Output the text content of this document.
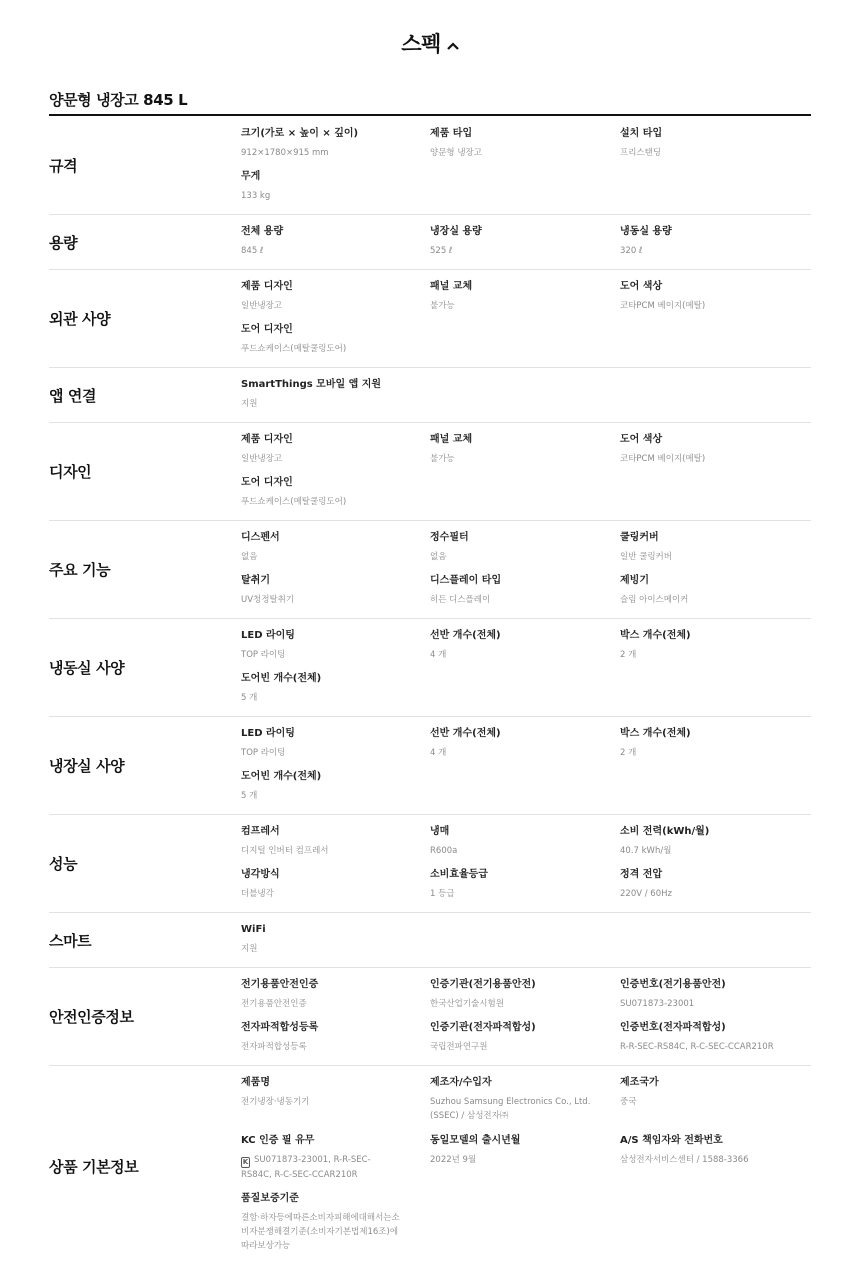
스펙
양문형 냉장고 845 L
규격
크기(가로 × 높이 × 깊이)
912×1780×915 mm
제품 타입
양문형 냉장고
설치 타입
프리스탠딩
무게
133 kg
용량
전체 용량
845 ℓ
냉장실 용량
525 ℓ
냉동실 용량
320 ℓ
외관 사양
제품 디자인
일반냉장고
패널 교체
불가능
도어 색상
코타PCM 베이지(메탈)
도어 디자인
푸드쇼케이스(메탈쿨링도어)
앱 연결
SmartThings 모바일 앱 지원
지원
디자인
제품 디자인
일반냉장고
패널 교체
불가능
도어 색상
코타PCM 베이지(메탈)
도어 디자인
푸드쇼케이스(메탈쿨링도어)
주요 기능
디스펜서
없음
정수필터
없음
쿨링커버
일반 쿨링커버
탈취기
UV청정탈취기
디스플레이 타입
히든 디스플레이
제빙기
슬림 아이스메이커
냉동실 사양
LED 라이팅
TOP 라이팅
선반 개수(전체)
4 개
박스 개수(전체)
2 개
도어빈 개수(전체)
5 개
냉장실 사양
LED 라이팅
TOP 라이팅
선반 개수(전체)
4 개
박스 개수(전체)
2 개
도어빈 개수(전체)
5 개
성능
컴프레서
디지털 인버터 컴프레서
냉매
R600a
소비 전력(kWh/월)
40.7 kWh/월
냉각방식
더블냉각
소비효율등급
1 등급
정격 전압
220V / 60Hz
스마트
WiFi
지원
안전인증정보
전기용품안전인증
전기용품안전인증
인증기관(전기용품안전)
한국산업기술시험원
인증번호(전기용품안전)
SU071873-23001
전자파적합성등록
전자파적합성등록
인증기관(전자파적합성)
국립전파연구원
인증번호(전자파적합성)
R-R-SEC-RS84C, R-C-SEC-CCAR210R
상품 기본정보
제품명
전기냉장·냉동기기
제조자/수입자
Suzhou Samsung Electronics Co., Ltd. (SSEC) / 삼성전자㈜
제조국가
중국
KC 인증 필 유무
K SU071873-23001, R-R-SEC-RS84C, R-C-SEC-CCAR210R
동일모델의 출시년월
2022년 9월
A/S 책임자와 전화번호
삼성전자서비스센터 / 1588-3366
품질보증기준
결함·하자등에따른소비자피해에대해서는소비자분쟁해결기준(소비자기본법제16조)에 따라보상가능
